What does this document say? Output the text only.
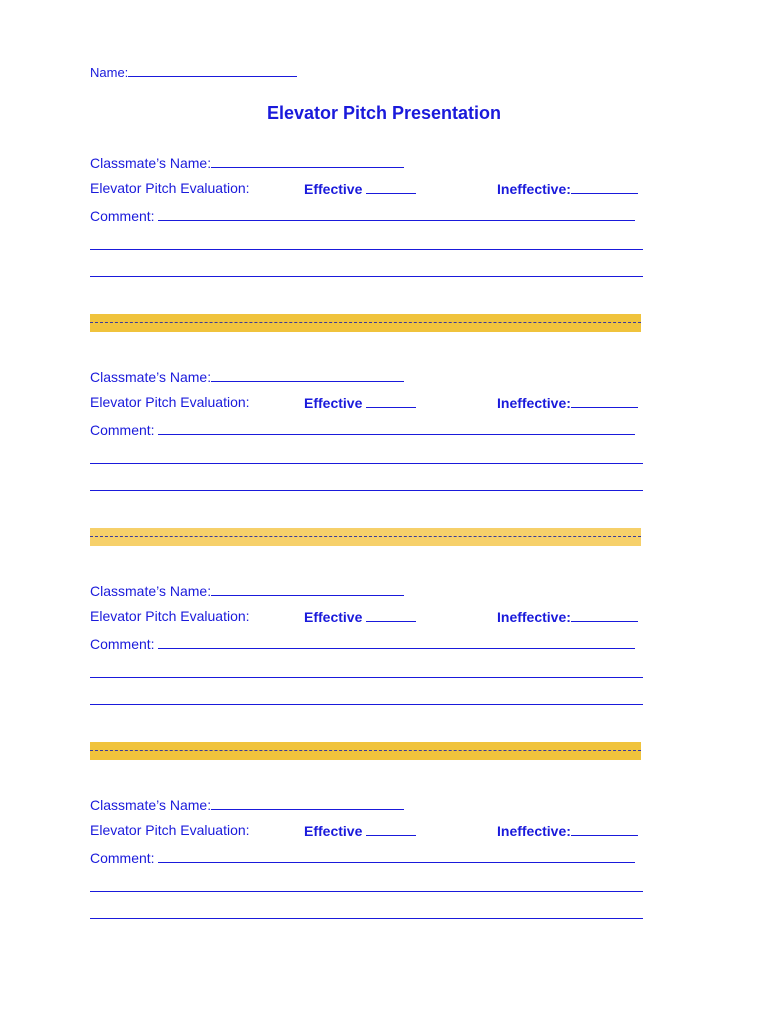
Name:
Elevator Pitch Presentation
Classmate’s Name:
Elevator Pitch Evaluation:	Effective	Ineffective:
Comment:
Classmate’s Name:
Elevator Pitch Evaluation:	Effective	Ineffective:
Comment:
Classmate’s Name:
Elevator Pitch Evaluation:	Effective	Ineffective:
Comment:
Classmate’s Name:
Elevator Pitch Evaluation:	Effective	Ineffective:
Comment:
